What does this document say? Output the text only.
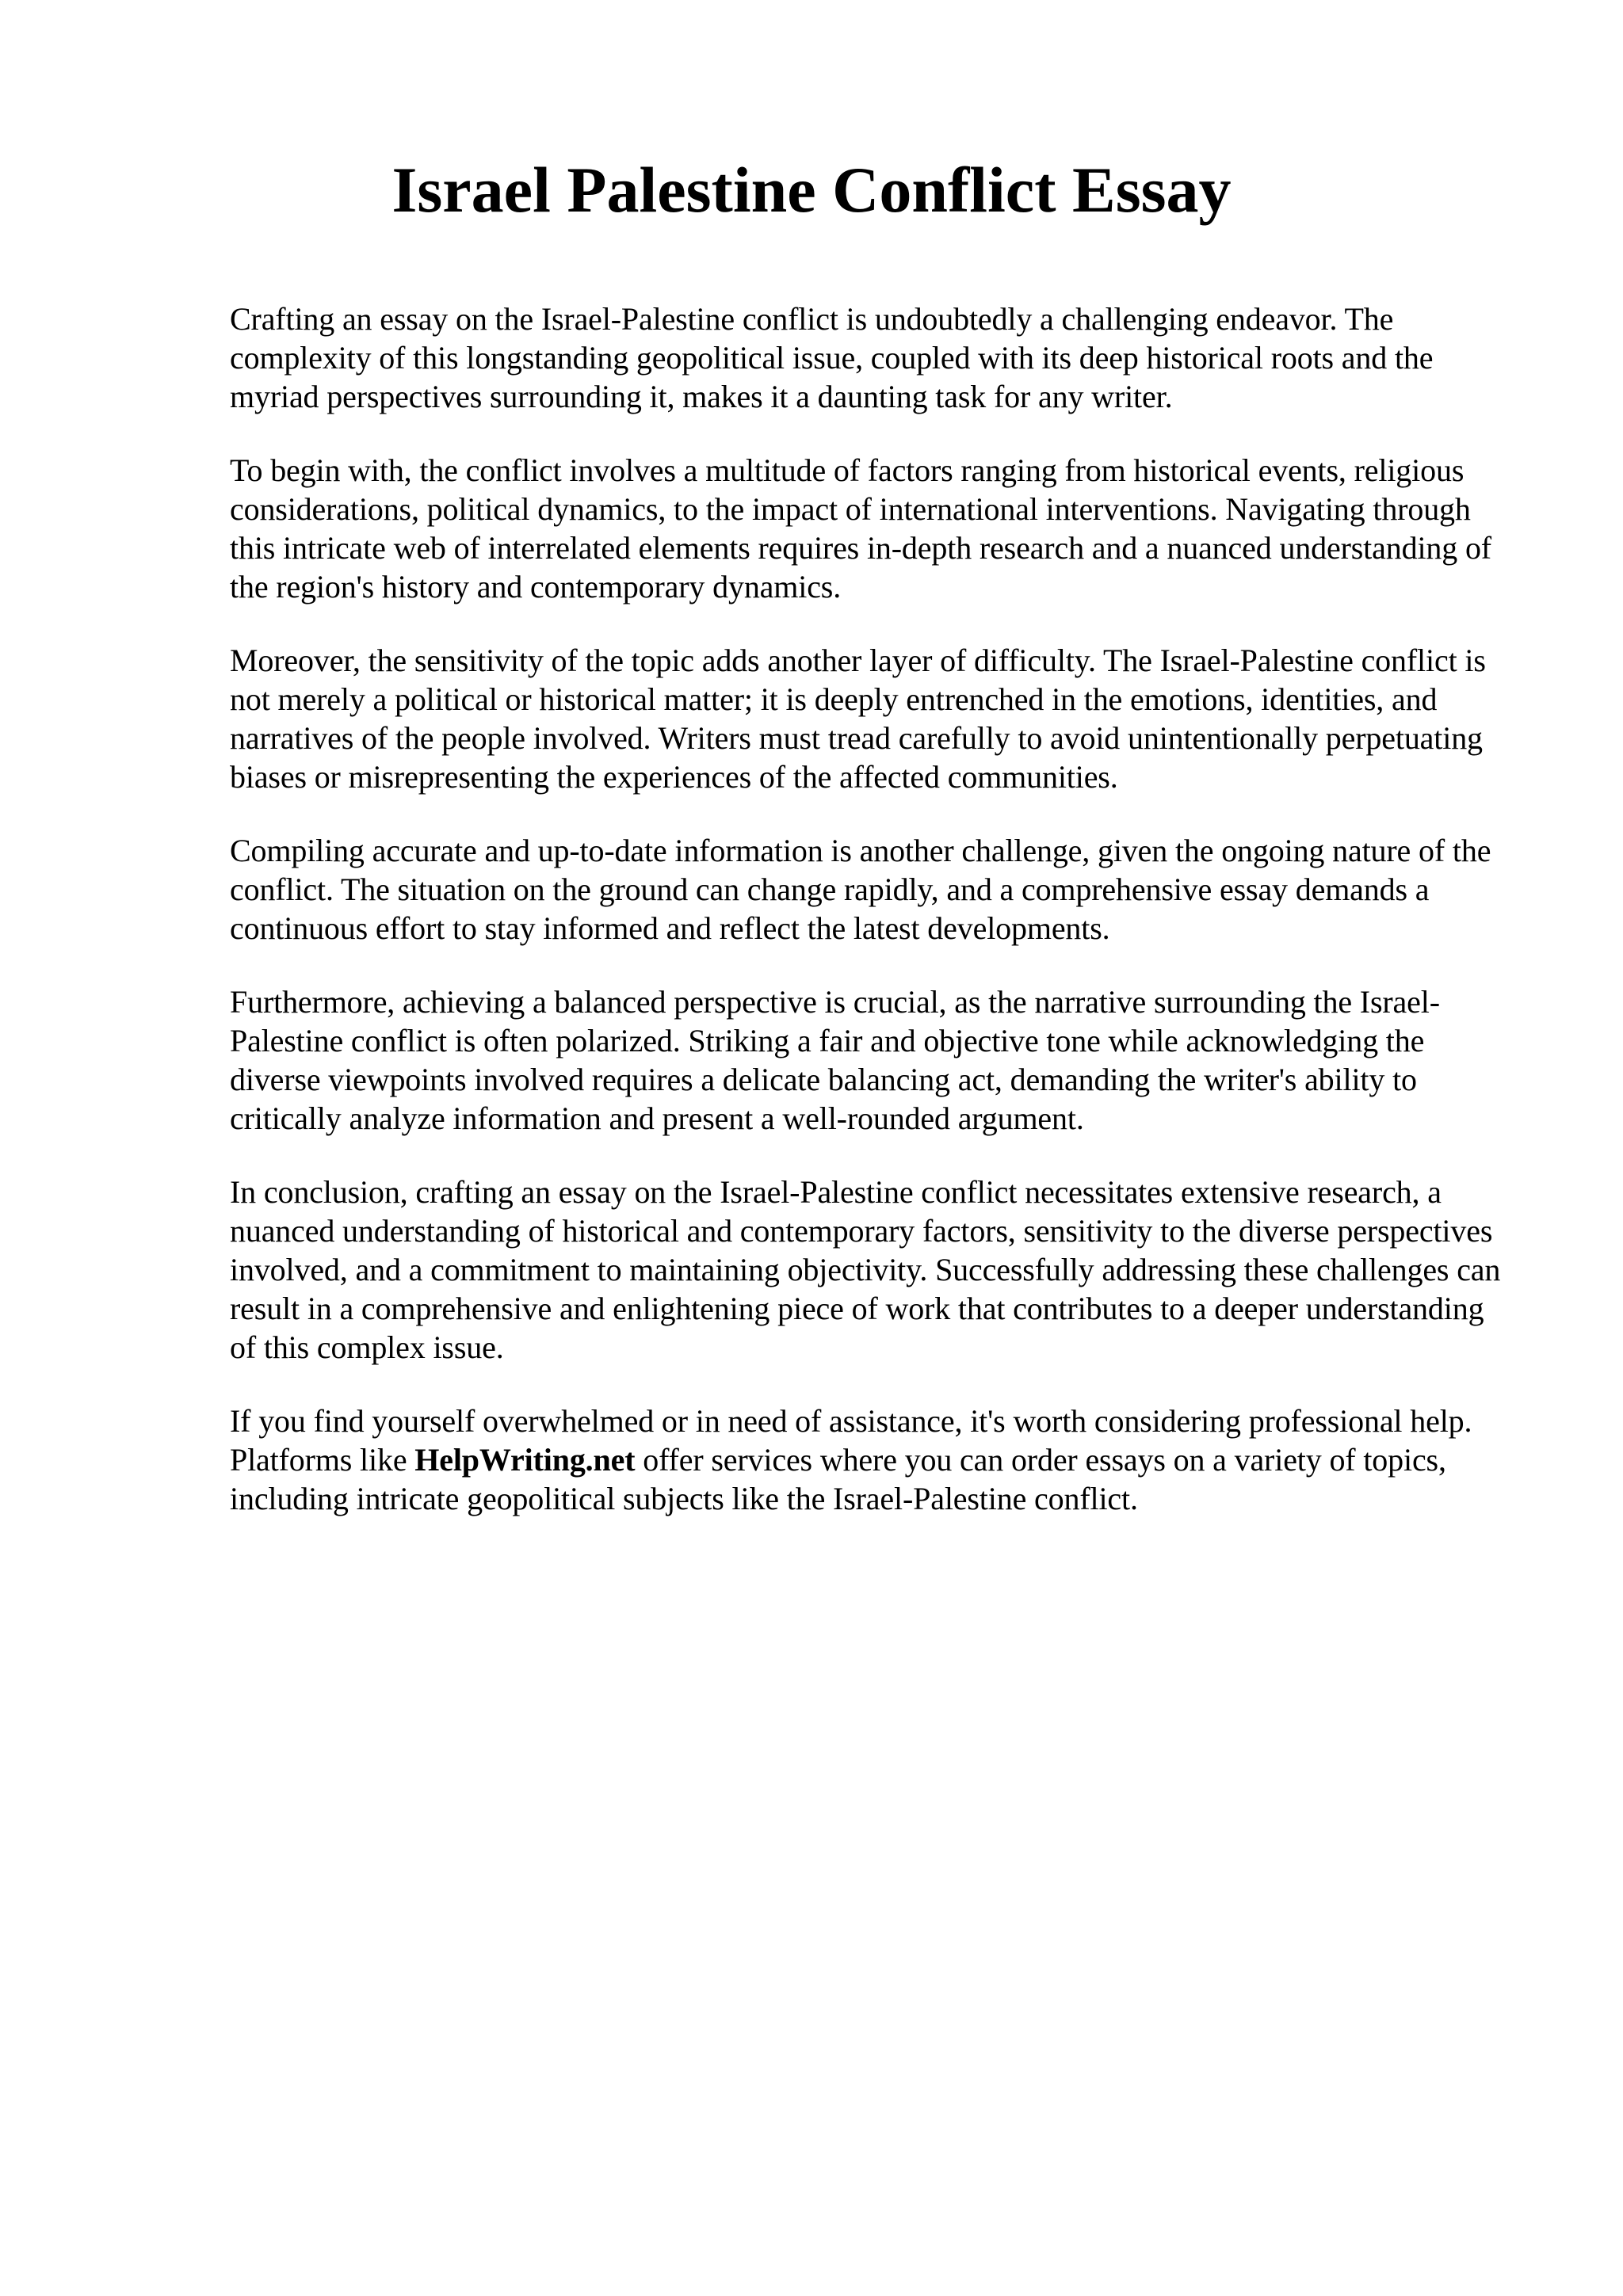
Israel Palestine Conflict Essay

Crafting an essay on the Israel-Palestine conflict is undoubtedly a challenging endeavor. The complexity of this longstanding geopolitical issue, coupled with its deep historical roots and the myriad perspectives surrounding it, makes it a daunting task for any writer.

To begin with, the conflict involves a multitude of factors ranging from historical events, religious considerations, political dynamics, to the impact of international interventions. Navigating through this intricate web of interrelated elements requires in-depth research and a nuanced understanding of the region's history and contemporary dynamics.

Moreover, the sensitivity of the topic adds another layer of difficulty. The Israel-Palestine conflict is not merely a political or historical matter; it is deeply entrenched in the emotions, identities, and narratives of the people involved. Writers must tread carefully to avoid unintentionally perpetuating biases or misrepresenting the experiences of the affected communities.

Compiling accurate and up-to-date information is another challenge, given the ongoing nature of the conflict. The situation on the ground can change rapidly, and a comprehensive essay demands a continuous effort to stay informed and reflect the latest developments.

Furthermore, achieving a balanced perspective is crucial, as the narrative surrounding the Israel-Palestine conflict is often polarized. Striking a fair and objective tone while acknowledging the diverse viewpoints involved requires a delicate balancing act, demanding the writer's ability to critically analyze information and present a well-rounded argument.

In conclusion, crafting an essay on the Israel-Palestine conflict necessitates extensive research, a nuanced understanding of historical and contemporary factors, sensitivity to the diverse perspectives involved, and a commitment to maintaining objectivity. Successfully addressing these challenges can result in a comprehensive and enlightening piece of work that contributes to a deeper understanding of this complex issue.

If you find yourself overwhelmed or in need of assistance, it's worth considering professional help. Platforms like HelpWriting.net offer services where you can order essays on a variety of topics, including intricate geopolitical subjects like the Israel-Palestine conflict.
